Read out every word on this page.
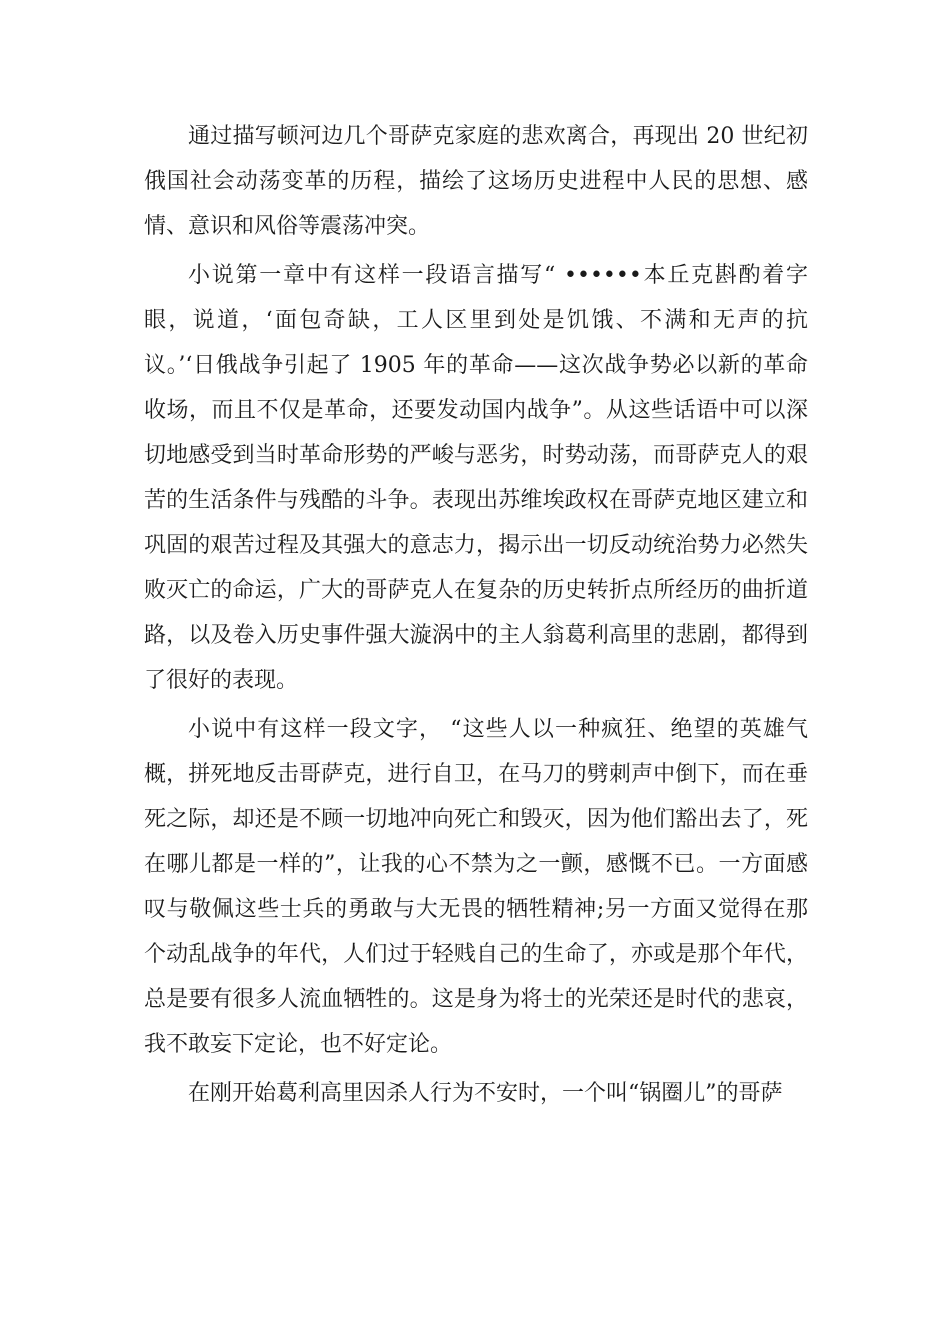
通过描写顿河边几个哥萨克家庭的悲欢离合，再现出 20 世纪初俄国社会动荡变革的历程，描绘了这场历史进程中人民的思想、感情、意识和风俗等震荡冲突。

小说第一章中有这样一段语言描写“ ••••••本丘克斟酌着字眼，说道，‘面包奇缺，工人区里到处是饥饿、不满和无声的抗议。’‘日俄战争引起了 1905 年的革命——这次战争势必以新的革命收场，而且不仅是革命，还要发动国内战争”。从这些话语中可以深切地感受到当时革命形势的严峻与恶劣，时势动荡，而哥萨克人的艰苦的生活条件与残酷的斗争。表现出苏维埃政权在哥萨克地区建立和巩固的艰苦过程及其强大的意志力，揭示出一切反动统治势力必然失败灭亡的命运，广大的哥萨克人在复杂的历史转折点所经历的曲折道路，以及卷入历史事件强大漩涡中的主人翁葛利高里的悲剧，都得到了很好的表现。

小说中有这样一段文字， “这些人以一种疯狂、绝望的英雄气概，拼死地反击哥萨克，进行自卫，在马刀的劈刺声中倒下，而在垂死之际，却还是不顾一切地冲向死亡和毁灭，因为他们豁出去了，死在哪儿都是一样的”，让我的心不禁为之一颤，感慨不已。一方面感叹与敬佩这些士兵的勇敢与大无畏的牺牲精神;另一方面又觉得在那个动乱战争的年代，人们过于轻贱自己的生命了，亦或是那个年代，总是要有很多人流血牺牲的。这是身为将士的光荣还是时代的悲哀，我不敢妄下定论，也不好定论。

在刚开始葛利高里因杀人行为不安时，一个叫“锅圈儿”的哥萨
